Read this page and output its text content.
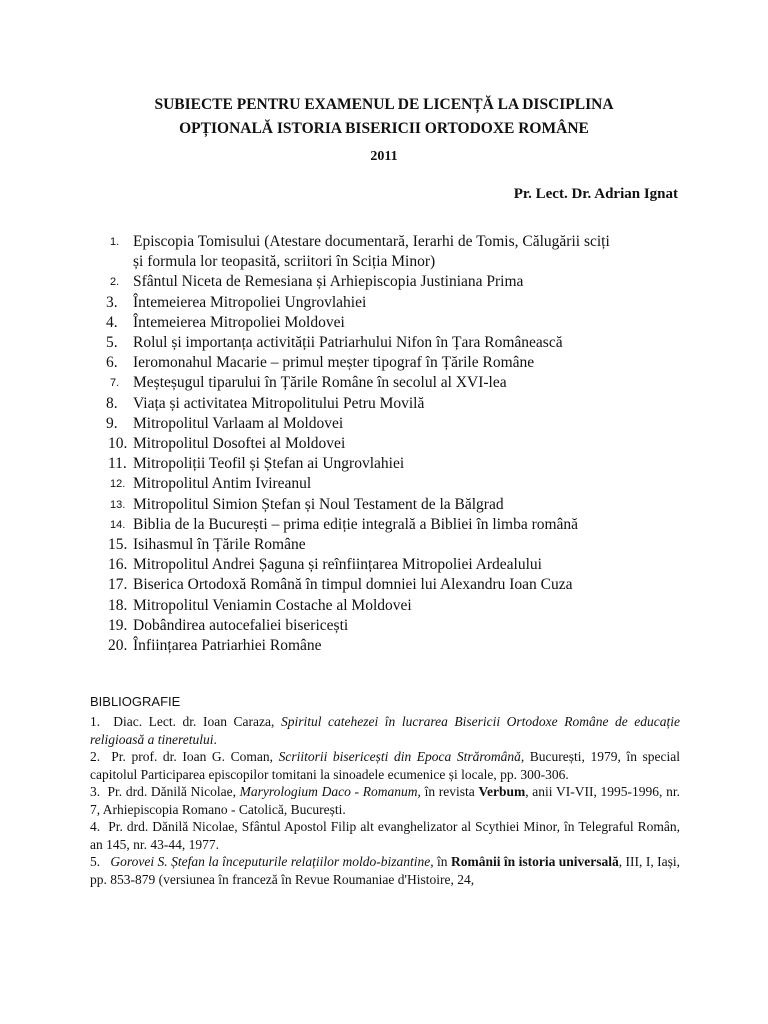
SUBIECTE PENTRU EXAMENUL DE LICENȚĂ LA DISCIPLINA
OPȚIONALĂ ISTORIA BISERICII ORTODOXE ROMÂNE
2011
Pr. Lect. Dr. Adrian Ignat
1. Episcopia Tomisului (Atestare documentară, Ierarhi de Tomis, Călugării sciți
și formula lor teopasită, scriitori în Sciția Minor)
2. Sfântul Niceta de Remesiana și Arhiepiscopia Justiniana Prima
3. Întemeierea Mitropoliei Ungrovlahiei
4. Întemeierea Mitropoliei Moldovei
5. Rolul și importanța activității Patriarhului Nifon în Țara Românească
6. Ieromonahul Macarie – primul meșter tipograf în Țările Române
7. Meșteșugul tiparului în Țările Române în secolul al XVI-lea
8. Viața și activitatea Mitropolitului Petru Movilă
9. Mitropolitul Varlaam al Moldovei
10. Mitropolitul Dosoftei al Moldovei
11. Mitropoliții Teofil și Ștefan ai Ungrovlahiei
12. Mitropolitul Antim Ivireanul
13. Mitropolitul Simion Ștefan și Noul Testament de la Bălgrad
14. Biblia de la București – prima ediție integrală a Bibliei în limba română
15. Isihasmul în Țările Române
16. Mitropolitul Andrei Șaguna și reînființarea Mitropoliei Ardealului
17. Biserica Ortodoxă Română în timpul domniei lui Alexandru Ioan Cuza
18. Mitropolitul Veniamin Costache al Moldovei
19. Dobândirea autocefaliei bisericești
20. Înființarea Patriarhiei Române
BIBLIOGRAFIE

1. Diac. Lect. dr. Ioan Caraza, Spiritul catehezei în lucrarea Bisericii Ortodoxe Române de educație religioasă a tineretului.

2. Pr. prof. dr. Ioan G. Coman, Scriitorii bisericești din Epoca Străromână, București, 1979, în special capitolul Participarea episcopilor tomitani la sinoadele ecumenice și locale, pp. 300-306.

3. Pr. drd. Dănilă Nicolae, Maryrologium Daco - Romanum, în revista Verbum, anii VI-VII, 1995-1996, nr. 7, Arhiepiscopia Romano - Catolică, București.

4. Pr. drd. Dănilă Nicolae, Sfântul Apostol Filip alt evanghelizator al Scythiei Minor, în Telegraful Român, an 145, nr. 43-44, 1977.

5. Gorovei S. Ștefan la începuturile relațiilor moldo-bizantine, în Românii în istoria universală, III, I, Iași, pp. 853-879 (versiunea în franceză în Revue Roumaniae d'Histoire, 24,
